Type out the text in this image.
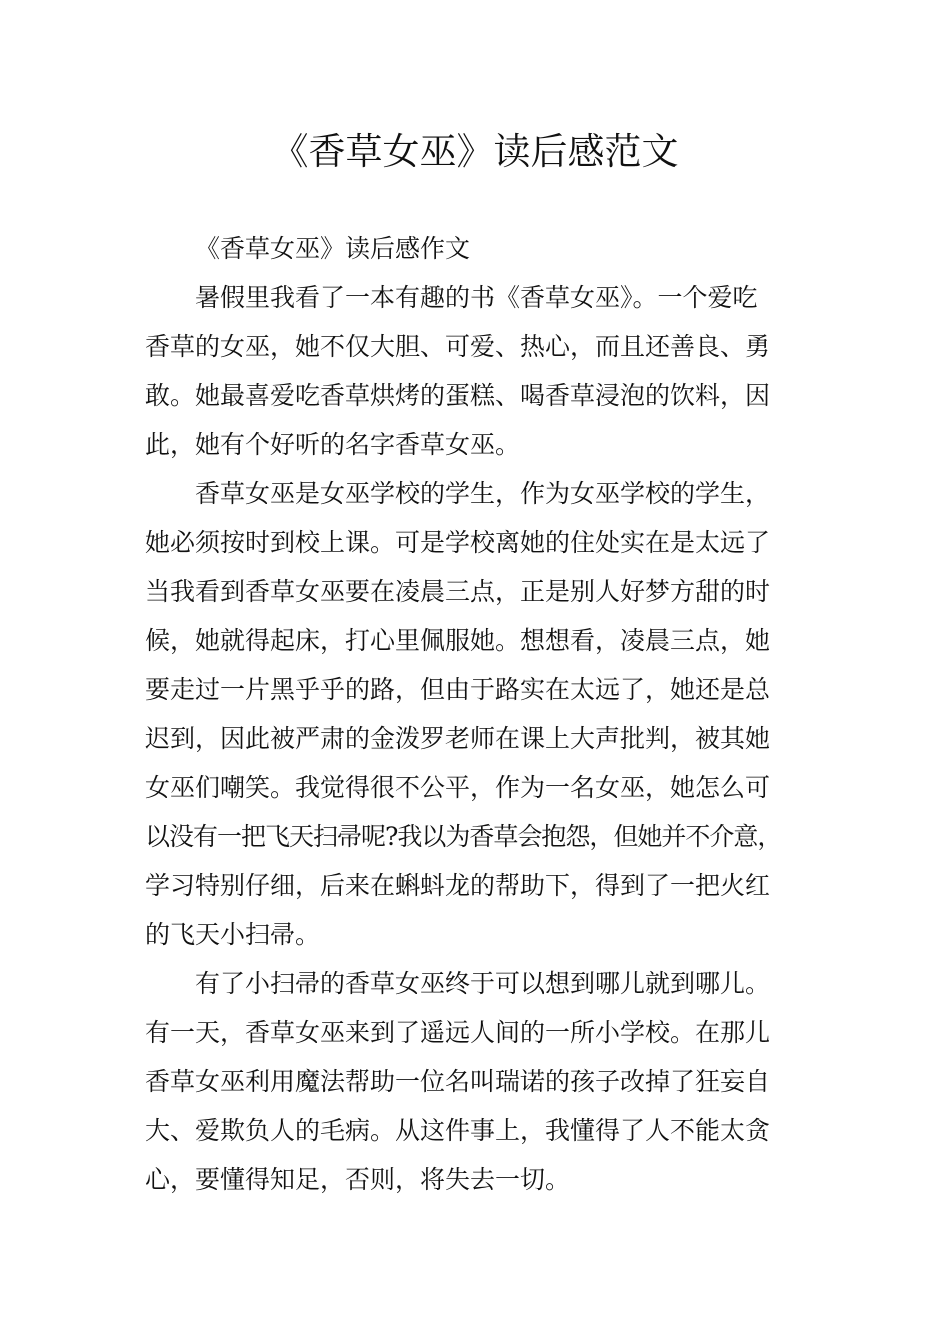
《香草女巫》读后感范文

《香草女巫》读后感作文

暑假里我看了一本有趣的书《香草女巫》。一个爱吃
香草的女巫，她不仅大胆、可爱、热心，而且还善良、勇
敢。她最喜爱吃香草烘烤的蛋糕、喝香草浸泡的饮料，因
此，她有个好听的名字香草女巫。

香草女巫是女巫学校的学生，作为女巫学校的学生，
她必须按时到校上课。可是学校离她的住处实在是太远了
当我看到香草女巫要在凌晨三点，正是别人好梦方甜的时
候，她就得起床，打心里佩服她。想想看，凌晨三点，她
要走过一片黑乎乎的路，但由于路实在太远了，她还是总
迟到，因此被严肃的金泼罗老师在课上大声批判，被其她
女巫们嘲笑。我觉得很不公平，作为一名女巫，她怎么可
以没有一把飞天扫帚呢?我以为香草会抱怨，但她并不介意，
学习特别仔细，后来在蝌蚪龙的帮助下，得到了一把火红
的飞天小扫帚。

有了小扫帚的香草女巫终于可以想到哪儿就到哪儿。
有一天，香草女巫来到了遥远人间的一所小学校。在那儿
香草女巫利用魔法帮助一位名叫瑞诺的孩子改掉了狂妄自
大、爱欺负人的毛病。从这件事上，我懂得了人不能太贪
心，要懂得知足，否则，将失去一切。
